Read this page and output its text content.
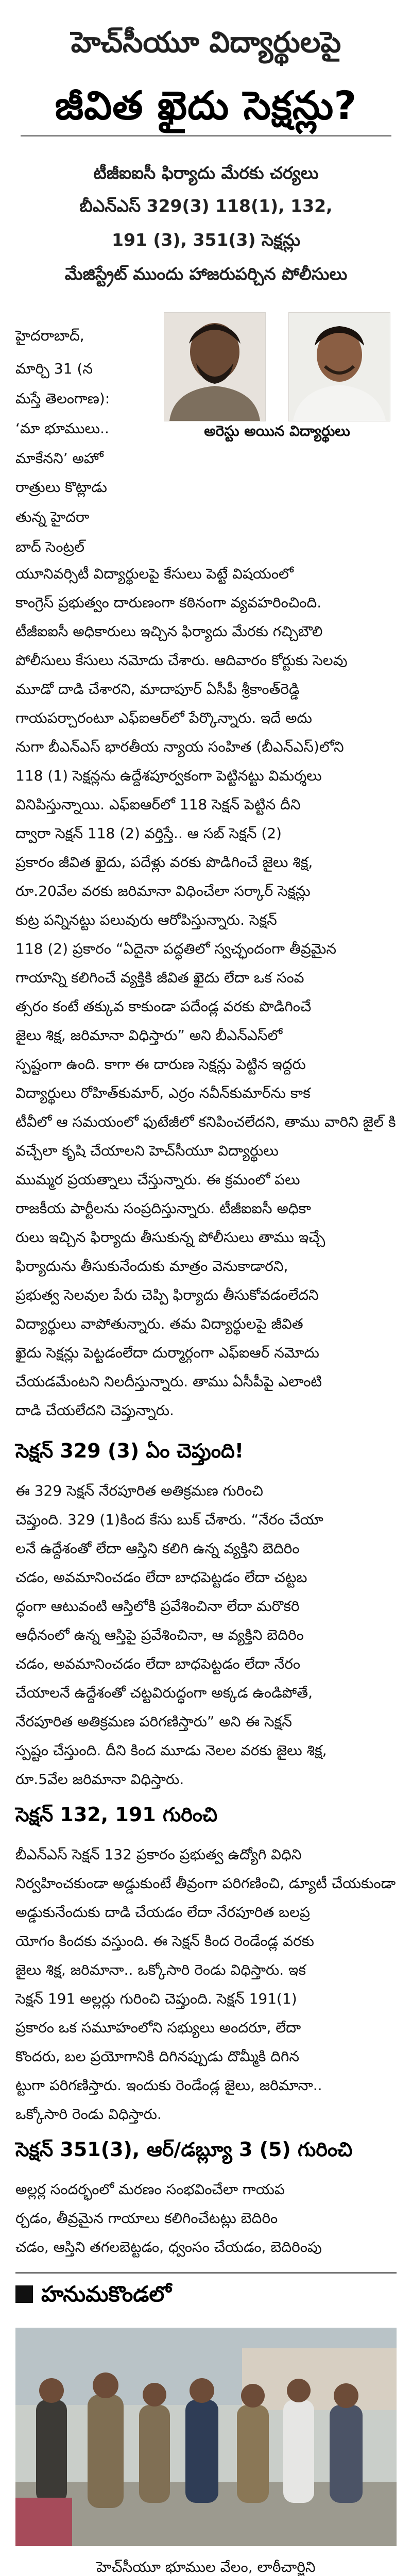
హెచ్‌సీయూ విద్యార్థులపై
జీవిత ఖైదు సెక్షన్లు?

టీజీఐఐసీ ఫిర్యాదు మేరకు చర్యలు

బీఎన్‌ఎస్ 329(3) 118(1), 132,

191 (3), 351(3) సెక్షన్లు

మేజిస్ట్రేట్ ముందు హాజరుపర్చిన పోలీసులు

అరెస్టు అయిన విద్యార్థులు

హైదరాబాద్,

మార్చి 31 (న

మస్తే తెలంగాణ):

‘మా భూములు..

మాకేనని’ అహో

రాత్రులు కొట్లాడు

తున్న హైదరా

బాద్ సెంట్రల్

యూనివర్సిటీ విద్యార్థులపై కేసులు పెట్టే విషయంలో

కాంగ్రెస్ ప్రభుత్వం దారుణంగా కఠినంగా వ్యవహరించింది.

టీజీఐఐసీ అధికారులు ఇచ్చిన ఫిర్యాదు మేరకు గచ్చిబౌలి

పోలీసులు కేసులు నమోదు చేశారు. ఆదివారం కోర్టుకు సెలవు

మూడో దాడి చేశారని, మాదాపూర్ ఏసీపీ శ్రీకాంత్‌రెడ్డి

గాయపర్చారంటూ ఎఫ్ఐఆర్‌లో పేర్కొన్నారు. ఇదే అదు

నుగా బీఎన్‌ఎస్‌ భారతీయ న్యాయ సంహిత (బీఎన్‌ఎస్)లోని

118 (1) సెక్షన్లను ఉద్దేశపూర్వకంగా పెట్టినట్టు విమర్శలు

వినిపిస్తున్నాయి. ఎఫ్ఐఆర్‌లో 118 సెక్షన్ పెట్టిన దీని

ద్వారా సెక్షన్ 118 (2) వర్తిస్తే.. ఆ సబ్ సెక్షన్ (2)

ప్రకారం జీవిత ఖైదు, పదేళ్లు వరకు పొడిగించే జైలు శిక్ష,

రూ.20వేల వరకు జరిమానా విధించేలా సర్కార్ సెక్షన్లు

కుట్ర పన్నినట్టు పలువురు ఆరోపిస్తున్నారు. సెక్షన్

118 (2) ప్రకారం “ఏదైనా పద్ధతిలో స్వచ్ఛందంగా తీవ్రమైన

గాయాన్ని కలిగించే వ్యక్తికి జీవిత ఖైదు లేదా ఒక సంవ

త్సరం కంటే తక్కువ కాకుండా పదేండ్ల వరకు పొడిగించే

జైలు శిక్ష, జరిమానా విధిస్తారు” అని బీఎన్‌ఎస్‌లో

స్పష్టంగా ఉంది. కాగా ఈ దారుణ సెక్షన్లు పెట్టిన ఇద్దరు

విద్యార్థులు రోహిత్‌కుమార్, ఎర్రం నవీన్‌కుమార్‌ను కాక

టీవీలో ఆ సమయంలో ఫుటేజీలో కనిపించలేదని, తాము వారిని జైల్ కి

వచ్చేలా కృషి చేయాలని హెచ్‌సీయూ విద్యార్థులు

ముమ్మర ప్రయత్నాలు చేస్తున్నారు. ఈ క్రమంలో పలు

రాజకీయ పార్టీలను సంప్రదిస్తున్నారు. టీజీఐఐసీ అధికా

రులు ఇచ్చిన ఫిర్యాదు తీసుకున్న పోలీసులు తాము ఇచ్చే

ఫిర్యాదును తీసుకునేందుకు మాత్రం వెనుకాడారని,

ప్రభుత్వ సెలవుల పేరు చెప్పి ఫిర్యాదు తీసుకోవడంలేదని

విద్యార్థులు వాపోతున్నారు. తమ విద్యార్థులపై జీవిత

ఖైదు సెక్షన్లు పెట్టడంలేదా దుర్మార్గంగా ఎఫ్ఐఆర్ నమోదు

చేయడమేంటని నిలదీస్తున్నారు. తాము ఏసీపీపై ఎలాంటి

దాడి చేయలేదని చెప్తున్నారు.

సెక్షన్ 329 (3) ఏం చెప్తుంది!

ఈ 329 సెక్షన్ నేరపూరిత అతిక్రమణ గురించి

చెప్తుంది. 329 (1)కింద కేసు బుక్ చేశారు. “నేరం చేయా

లనే ఉద్దేశంతో లేదా ఆస్తిని కలిగి ఉన్న వ్యక్తిని బెదిరిం

చడం, అవమానించడం లేదా బాధపెట్టడం లేదా చట్టబ

ద్ధంగా ఆటువంటి ఆస్తిలోకి ప్రవేశించినా లేదా మరొకరి

ఆధీనంలో ఉన్న ఆస్తిపై ప్రవేశించినా, ఆ వ్యక్తిని బెదిరిం

చడం, అవమానించడం లేదా బాధపెట్టడం లేదా నేరం

చేయాలనే ఉద్దేశంతో చట్టవిరుద్ధంగా అక్కడ ఉండిపోతే,

నేరపూరిత అతిక్రమణ పరిగణిస్తారు” అని ఈ సెక్షన్

స్పష్టం చేస్తుంది. దీని కింద మూడు నెలల వరకు జైలు శిక్ష,

రూ.5వేల జరిమానా విధిస్తారు.

సెక్షన్ 132, 191 గురించి

బీఎన్‌ఎస్ సెక్షన్ 132 ప్రకారం ప్రభుత్వ ఉద్యోగి విధిని

నిర్వహించకుండా అడ్డుకుంటే తీవ్రంగా పరిగణించి, డ్యూటీ చేయకుండా

అడ్డుకునేందుకు దాడి చేయడం లేదా నేరపూరిత బలప్ర

యోగం కిందకు వస్తుంది. ఈ సెక్షన్ కింద రెండేండ్ల వరకు

జైలు శిక్ష, జరిమానా.. ఒక్కోసారి రెండు విధిస్తారు. ఇక

సెక్షన్ 191 అల్లర్లు గురించి చెప్తుంది. సెక్షన్ 191(1)

ప్రకారం ఒక సమూహంలోని సభ్యులు అందరూ, లేదా

కొందరు, బల ప్రయోగానికి దిగినప్పుడు దొమ్మీకి దిగిన

ట్టుగా పరిగణిస్తారు. ఇందుకు రెండేండ్ల జైలు, జరిమానా..

ఒక్కోసారి రెండు విధిస్తారు.

సెక్షన్ 351(3), ఆర్/డబ్ల్యూ 3 (5) గురించి

అల్లర్ల సందర్భంలో మరణం సంభవించేలా గాయప

ర్చడం, తీవ్రమైన గాయాలు కలిగించేటట్లు బెదిరిం

చడం, ఆస్తిని తగలబెట్టడం, ధ్వంసం చేయడం, బెదిరింపు

హనుమకొండలో

హెచ్‌సీయూ భూముల వేలం, లాఠీచార్జిని
